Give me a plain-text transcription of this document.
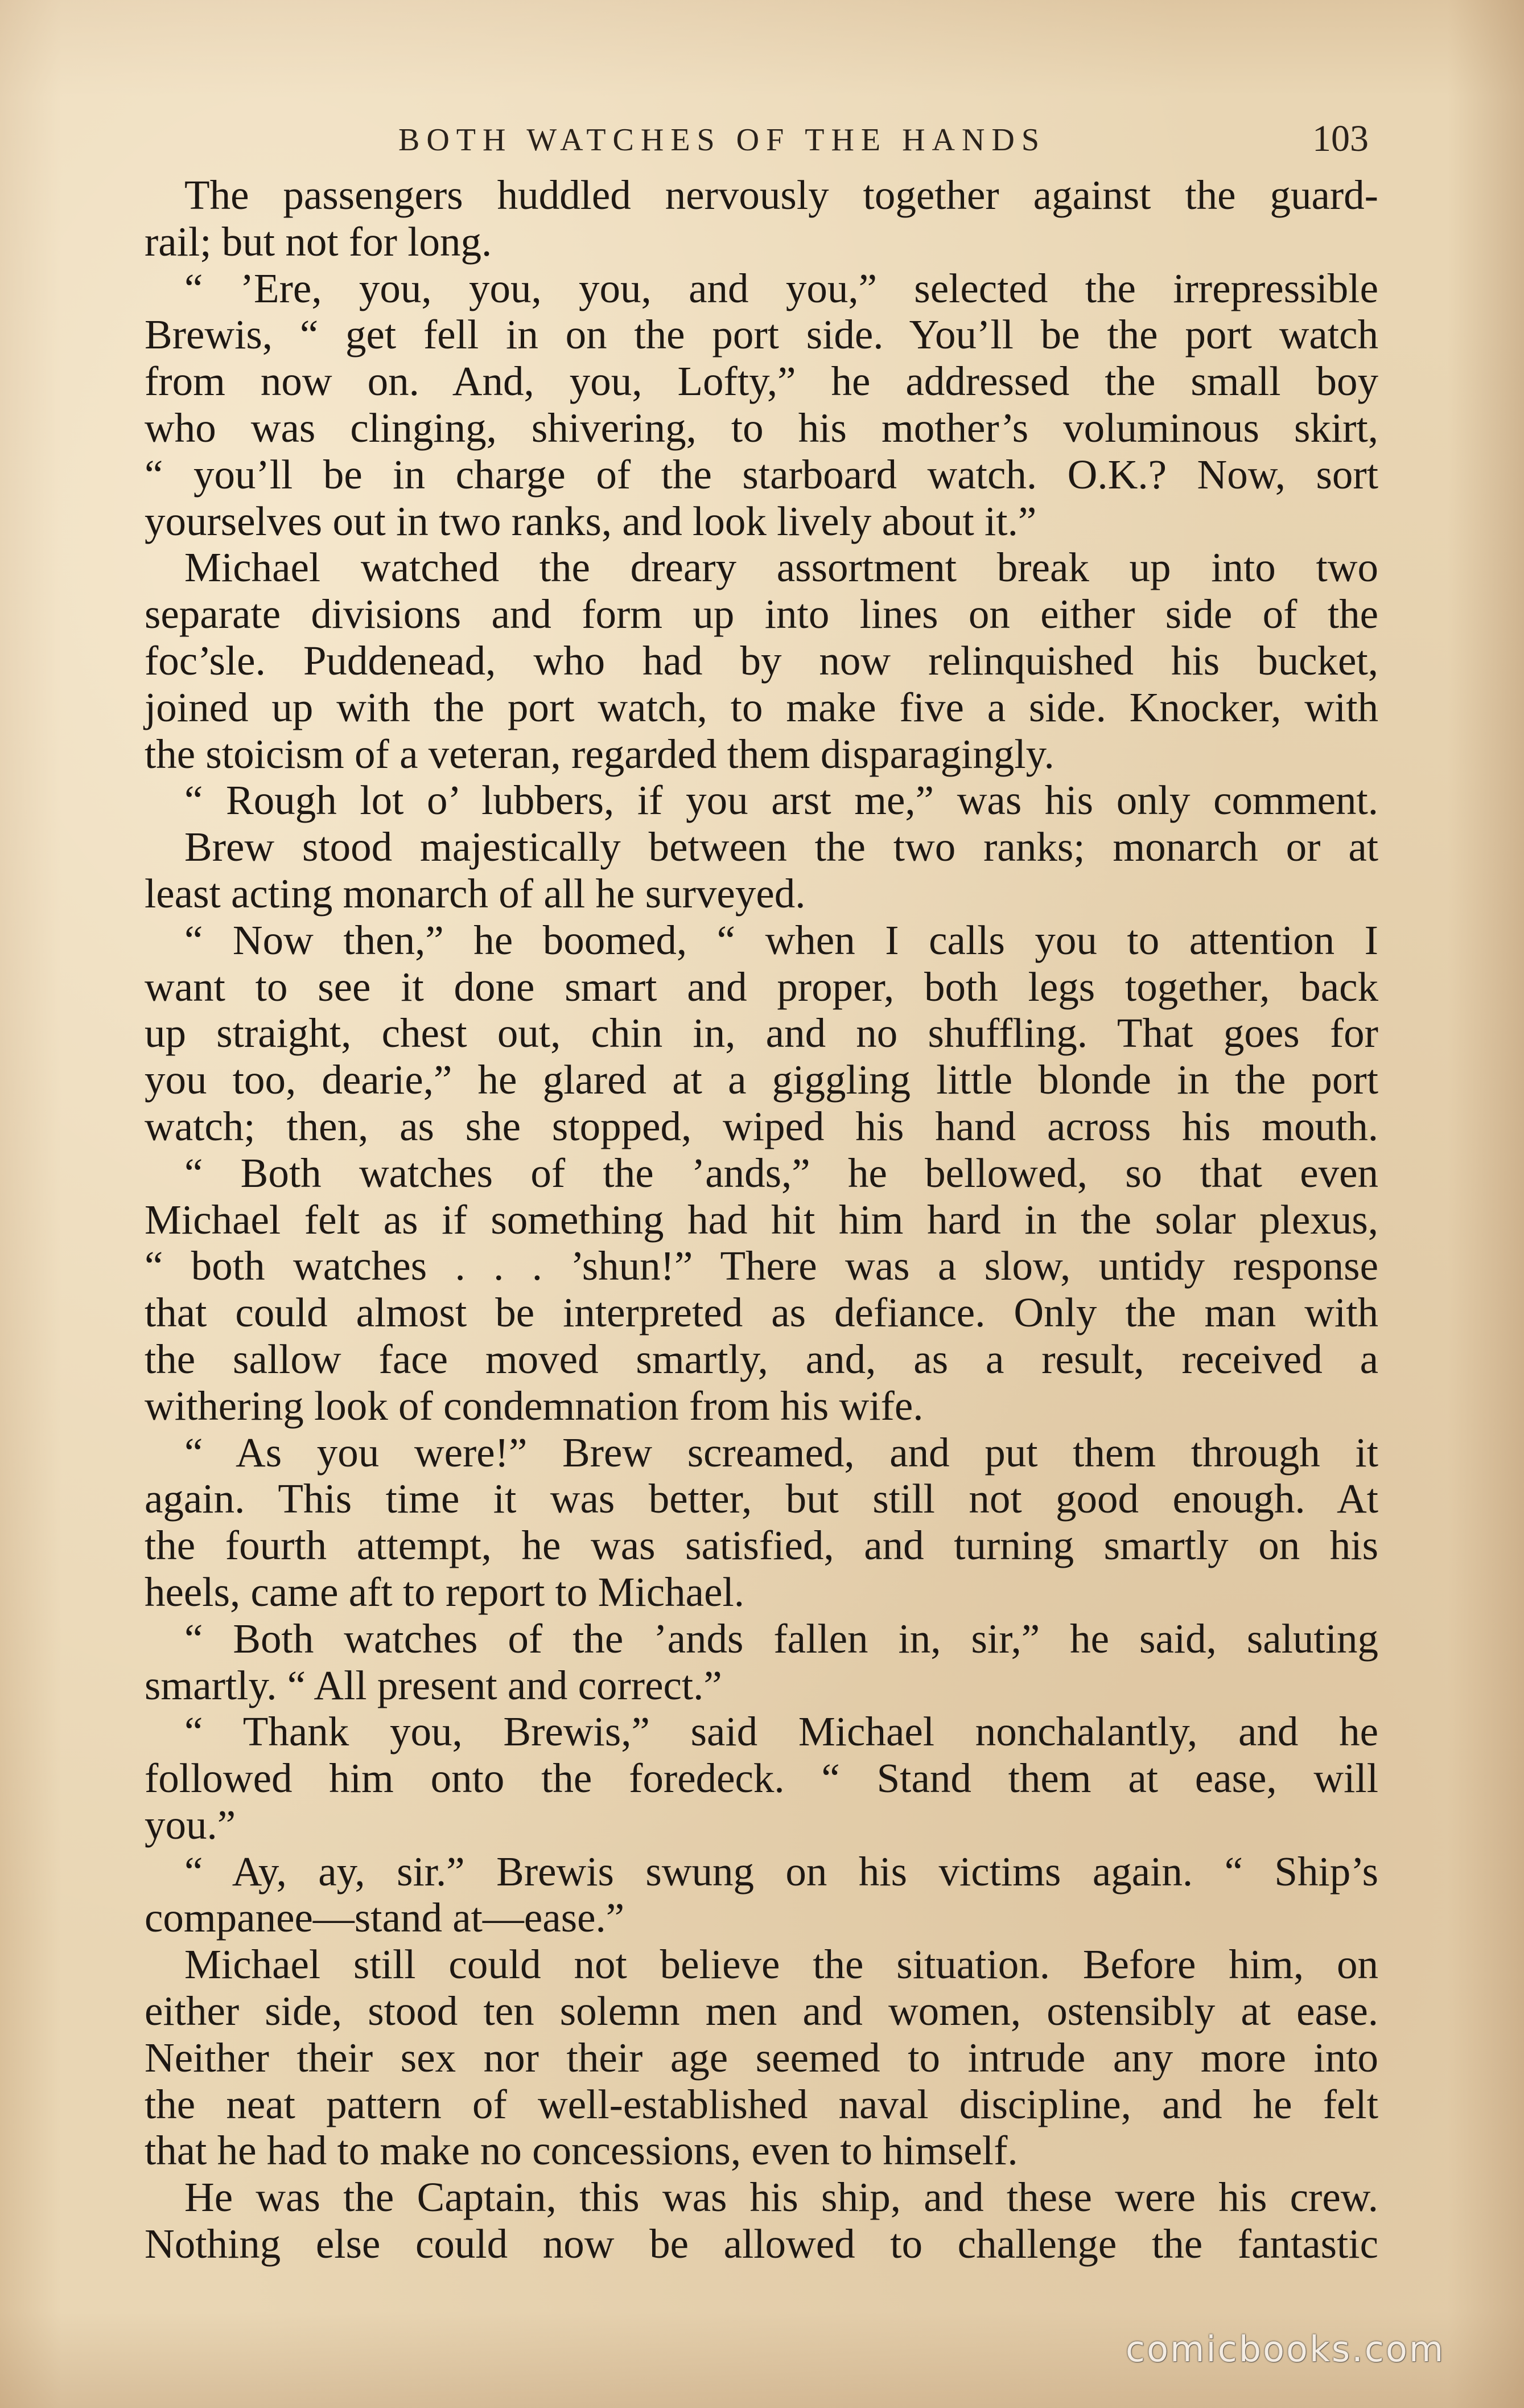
BOTH WATCHES OF THE HANDS	103
The passengers huddled nervously together against the guard-
rail; but not for long.
“ ’Ere, you, you, you, and you,” selected the irrepressible
Brewis, “ get fell in on the port side. You’ll be the port watch
from now on. And, you, Lofty,” he addressed the small boy
who was clinging, shivering, to his mother’s voluminous skirt,
“ you’ll be in charge of the starboard watch. O.K.? Now, sort
yourselves out in two ranks, and look lively about it.”
Michael watched the dreary assortment break up into two
separate divisions and form up into lines on either side of the
foc’sle. Puddenead, who had by now relinquished his bucket,
joined up with the port watch, to make five a side. Knocker, with
the stoicism of a veteran, regarded them disparagingly.
“ Rough lot o’ lubbers, if you arst me,” was his only comment.
Brew stood majestically between the two ranks; monarch or at
least acting monarch of all he surveyed.
“ Now then,” he boomed, “ when I calls you to attention I
want to see it done smart and proper, both legs together, back
up straight, chest out, chin in, and no shuffling. That goes for
you too, dearie,” he glared at a giggling little blonde in the port
watch; then, as she stopped, wiped his hand across his mouth.
“ Both watches of the ’ands,” he bellowed, so that even
Michael felt as if something had hit him hard in the solar plexus,
“ both watches . . . ’shun!” There was a slow, untidy response
that could almost be interpreted as defiance. Only the man with
the sallow face moved smartly, and, as a result, received a
withering look of condemnation from his wife.
“ As you were!” Brew screamed, and put them through it
again. This time it was better, but still not good enough. At
the fourth attempt, he was satisfied, and turning smartly on his
heels, came aft to report to Michael.
“ Both watches of the ’ands fallen in, sir,” he said, saluting
smartly. “ All present and correct.”
“ Thank you, Brewis,” said Michael nonchalantly, and he
followed him onto the foredeck. “ Stand them at ease, will
you.”
“ Ay, ay, sir.” Brewis swung on his victims again. “ Ship’s
companee—stand at—ease.”
Michael still could not believe the situation. Before him, on
either side, stood ten solemn men and women, ostensibly at ease.
Neither their sex nor their age seemed to intrude any more into
the neat pattern of well-established naval discipline, and he felt
that he had to make no concessions, even to himself.
He was the Captain, this was his ship, and these were his crew.
Nothing else could now be allowed to challenge the fantastic
comicbooks.com
